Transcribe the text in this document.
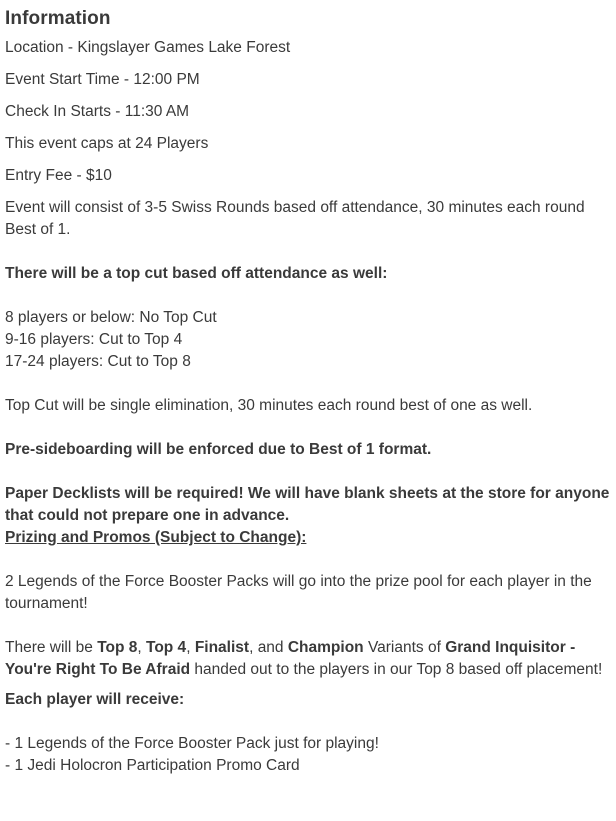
Information

Location - Kingslayer Games Lake Forest

Event Start Time - 12:00 PM

Check In Starts - 11:30 AM

This event caps at 24 Players

Entry Fee - $10

Event will consist of 3-5 Swiss Rounds based off attendance, 30 minutes each round Best of 1.

There will be a top cut based off attendance as well:

8 players or below: No Top Cut

9-16 players: Cut to Top 4

17-24 players: Cut to Top 8

Top Cut will be single elimination, 30 minutes each round best of one as well.

Pre-sideboarding will be enforced due to Best of 1 format.

Paper Decklists will be required! We will have blank sheets at the store for anyone that could not prepare one in advance.

Prizing and Promos (Subject to Change):

2 Legends of the Force Booster Packs will go into the prize pool for each player in the tournament!

There will be Top 8, Top 4, Finalist, and Champion Variants of Grand Inquisitor - You're Right To Be Afraid handed out to the players in our Top 8 based off placement!

Each player will receive:

- 1 Legends of the Force Booster Pack just for playing!

- 1 Jedi Holocron Participation Promo Card
